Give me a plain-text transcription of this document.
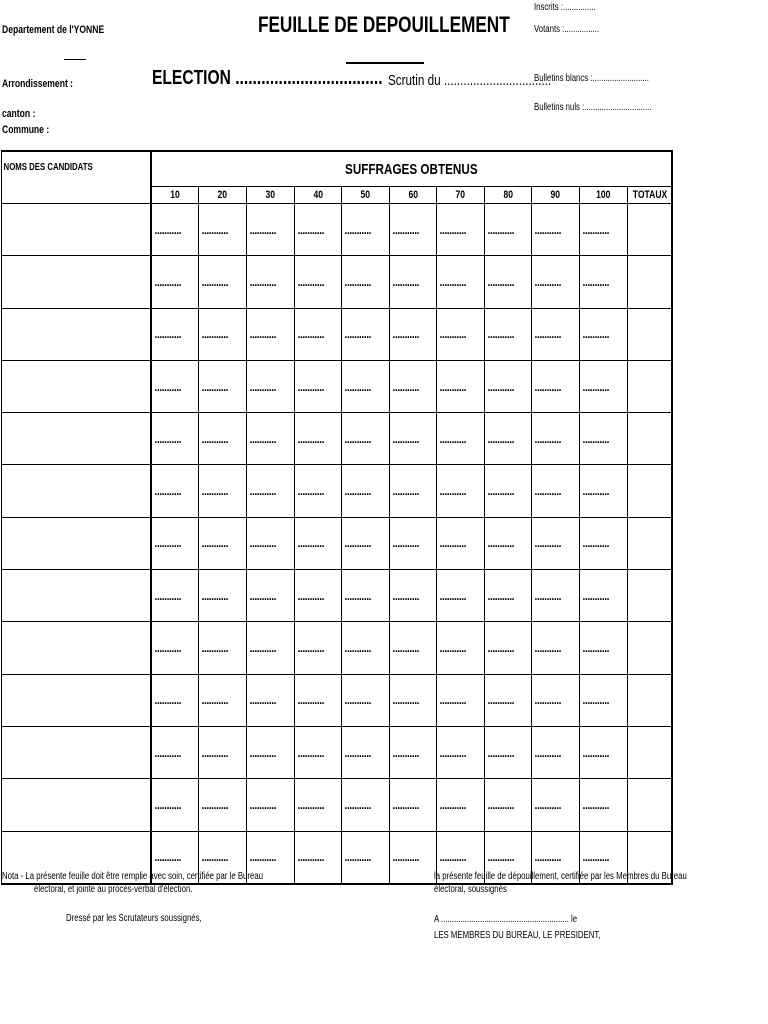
Departement de l'YONNE	FEUILLE DE DEPOUILLEMENT
Arrondissement :	ELECTION .................................. Scrutin du .................................
canton :
Commune :
Inscrits :...............
Votants :................
Bulletins blancs :..........................
Bulletins nuls :...............................
NOMS DES CANDIDATS	SUFFRAGES OBTENUS										

	10	20	30	40	50	60	70	80	90	100	TOTAUX

	...........	...........	...........	...........	...........	...........	...........	...........	...........	...........	

	...........	...........	...........	...........	...........	...........	...........	...........	...........	...........	

	...........	...........	...........	...........	...........	...........	...........	...........	...........	...........	

	...........	...........	...........	...........	...........	...........	...........	...........	...........	...........	

	...........	...........	...........	...........	...........	...........	...........	...........	...........	...........	

	...........	...........	...........	...........	...........	...........	...........	...........	...........	...........	

	...........	...........	...........	...........	...........	...........	...........	...........	...........	...........	

	...........	...........	...........	...........	...........	...........	...........	...........	...........	...........	

	...........	...........	...........	...........	...........	...........	...........	...........	...........	...........	

	...........	...........	...........	...........	...........	...........	...........	...........	...........	...........	

	...........	...........	...........	...........	...........	...........	...........	...........	...........	...........	

	...........	...........	...........	...........	...........	...........	...........	...........	...........	...........	

	...........	...........	...........	...........	...........	...........	...........	...........	...........	...........	

Nota - La présente feuille doit être remplie avec soin, certifiée par le Bureau
électoral, et jointe au procès-verbal d'élection.
Dressé par les Scrutateurs soussignés,
la présente feuille de dépouillement, certifiée par les Membres du Bureau
électoral, soussignés
A ........................................................... le
LES MEMBRES DU BUREAU, LE PRESIDENT,
